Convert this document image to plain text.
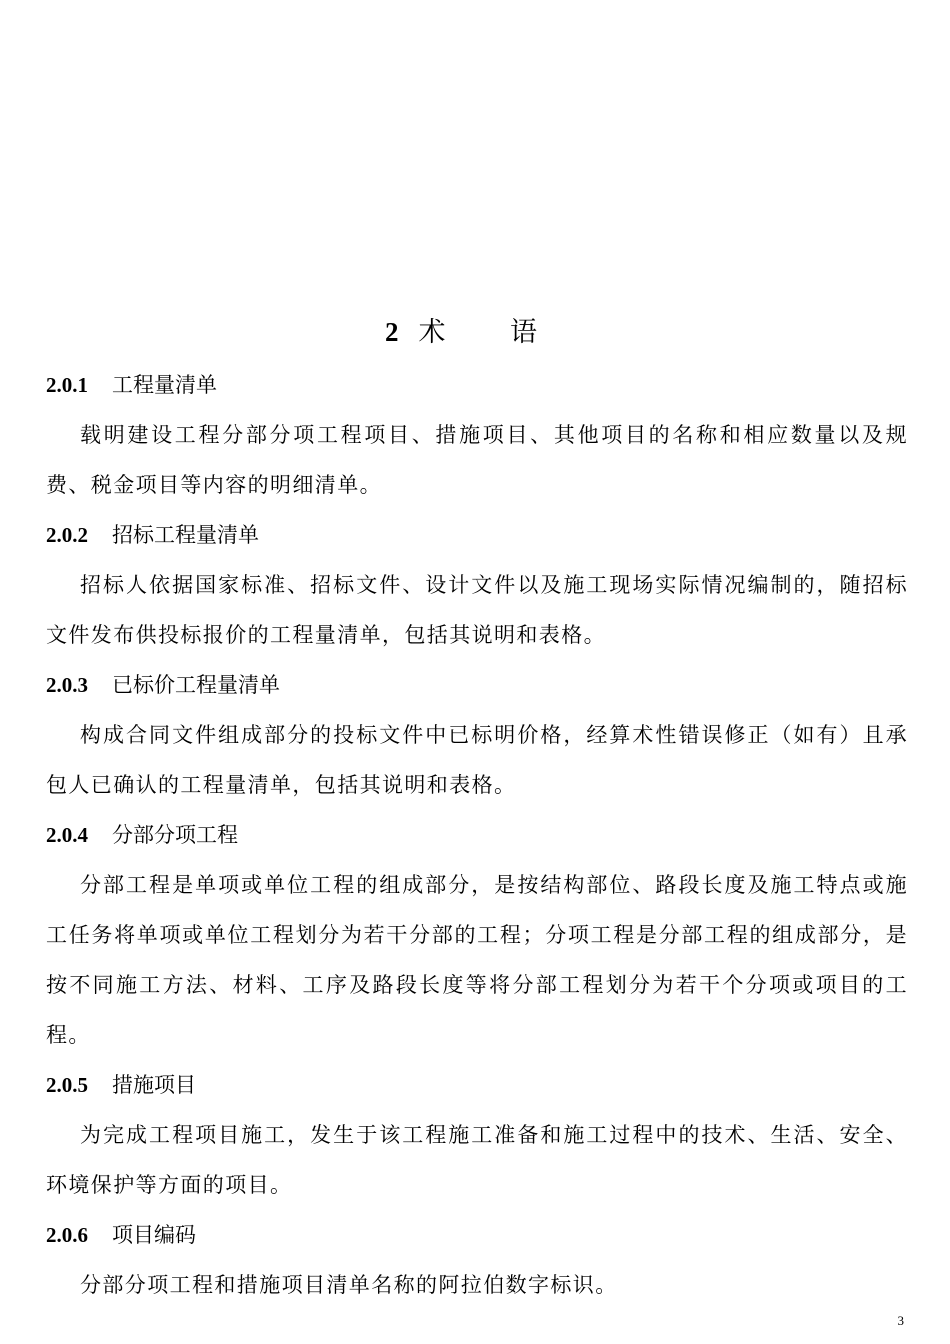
2 术 语

2.0.1 工程量清单

载明建设工程分部分项工程项目、措施项目、其他项目的名称和相应数量以及规费、税金项目等内容的明细清单。

2.0.2 招标工程量清单

招标人依据国家标准、招标文件、设计文件以及施工现场实际情况编制的，随招标文件发布供投标报价的工程量清单，包括其说明和表格。

2.0.3 已标价工程量清单

构成合同文件组成部分的投标文件中已标明价格，经算术性错误修正（如有）且承包人已确认的工程量清单，包括其说明和表格。

2.0.4 分部分项工程

分部工程是单项或单位工程的组成部分，是按结构部位、路段长度及施工特点或施工任务将单项或单位工程划分为若干分部的工程；分项工程是分部工程的组成部分，是按不同施工方法、材料、工序及路段长度等将分部工程划分为若干个分项或项目的工程。

2.0.5 措施项目

为完成工程项目施工，发生于该工程施工准备和施工过程中的技术、生活、安全、环境保护等方面的项目。

2.0.6 项目编码

分部分项工程和措施项目清单名称的阿拉伯数字标识。

3
